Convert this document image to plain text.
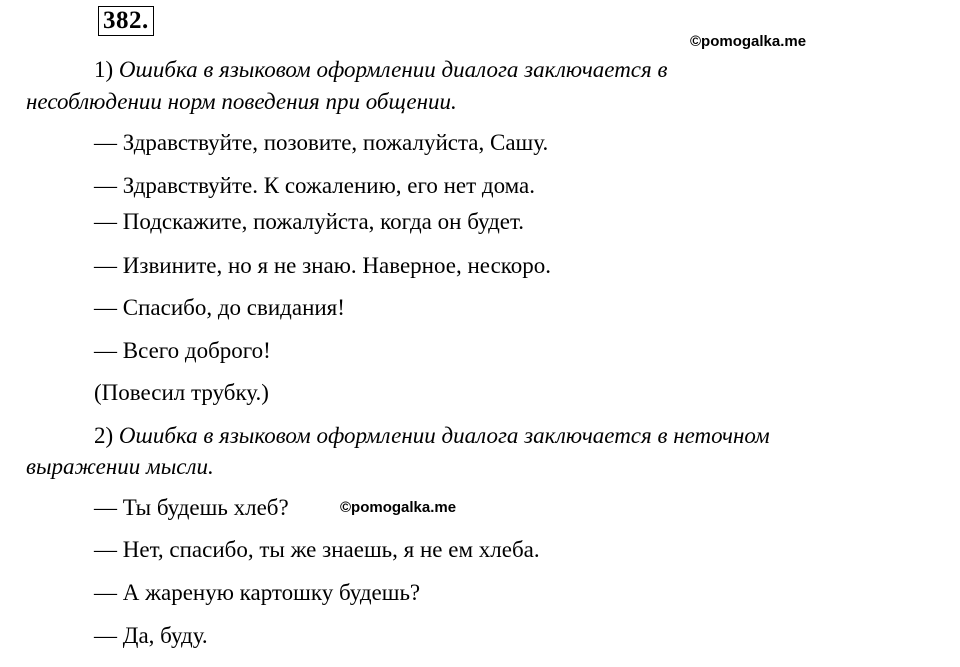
382.
©pomogalka.me
1) Ошибка в языковом оформлении диалога заключается в
несоблюдении норм поведения при общении.
— Здравствуйте, позовите, пожалуйста, Сашу.
— Здравствуйте. К сожалению, его нет дома.
— Подскажите, пожалуйста, когда он будет.
— Извините, но я не знаю. Наверное, нескоро.
— Спасибо, до свидания!
— Всего доброго!
(Повесил трубку.)
2) Ошибка в языковом оформлении диалога заключается в неточном
выражении мысли.
— Ты будешь хлеб?	©pomogalka.me
— Нет, спасибо, ты же знаешь, я не ем хлеба.
— А жареную картошку будешь?
— Да, буду.
